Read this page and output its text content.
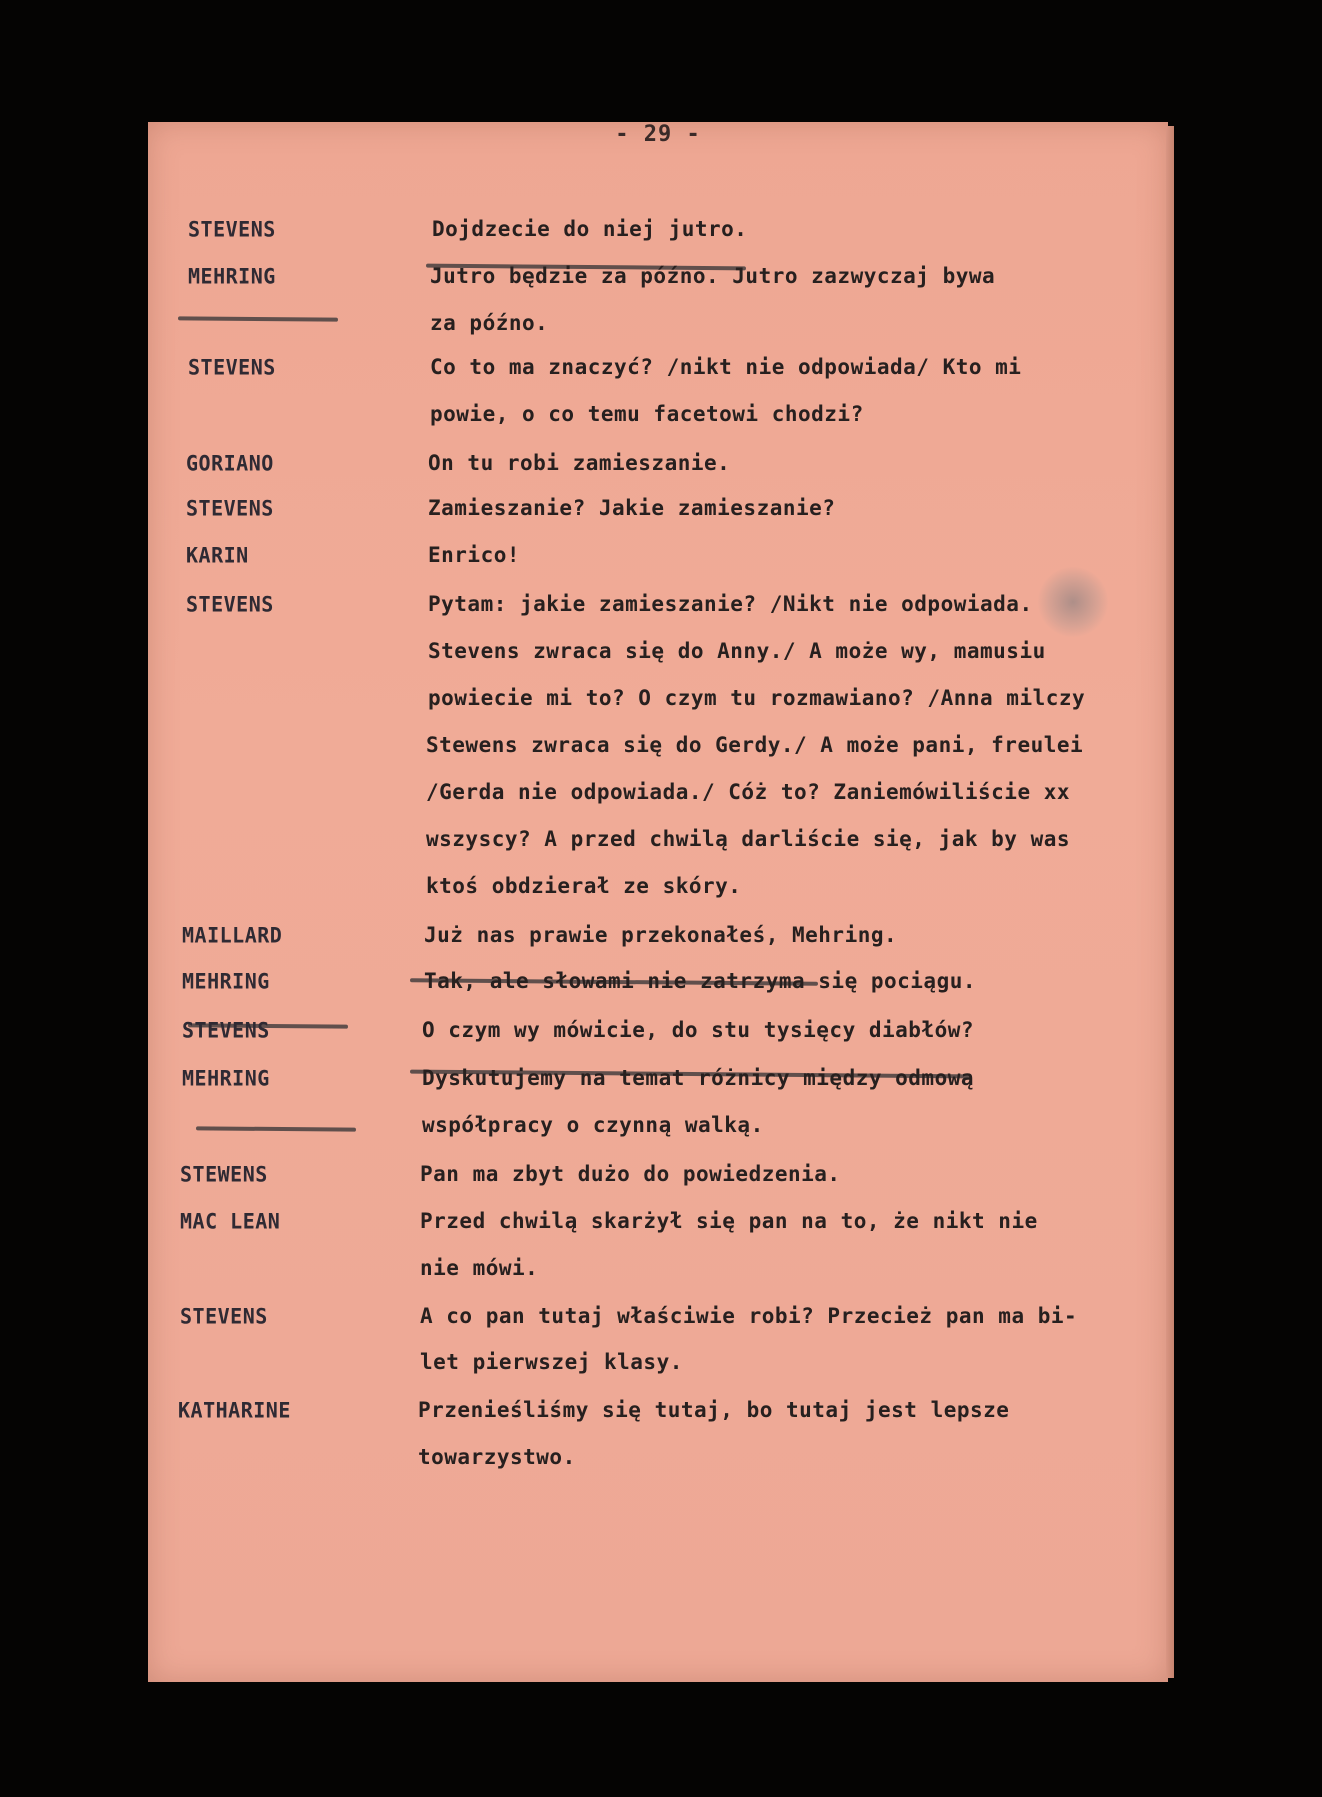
- 29 -
STEVENS	Dojdzecie do niej jutro.
MEHRING	Jutro będzie za późno. Jutro zazwyczaj bywa
za późno.
STEVENS	Co to ma znaczyć? /nikt nie odpowiada/ Kto mi
powie, o co temu facetowi chodzi?
GORIANO	On tu robi zamieszanie.
STEVENS	Zamieszanie? Jakie zamieszanie?
KARIN	Enrico!
STEVENS	Pytam: jakie zamieszanie? /Nikt nie odpowiada.
Stevens zwraca się do Anny./ A może wy, mamusiu
powiecie mi to? O czym tu rozmawiano? /Anna milczy
Stewens zwraca się do Gerdy./ A może pani, freulei
/Gerda nie odpowiada./ Cóż to? Zaniemówiliście xx
wszyscy? A przed chwilą darliście się, jak by was
ktoś obdzierał ze skóry.
MAILLARD	Już nas prawie przekonałeś, Mehring.
MEHRING	Tak, ale słowami nie zatrzyma się pociągu.
STEVENS	O czym wy mówicie, do stu tysięcy diabłów?
MEHRING	Dyskutujemy na temat różnicy między odmową
współpracy o czynną walką.
STEWENS	Pan ma zbyt dużo do powiedzenia.
MAC LEAN	Przed chwilą skarżył się pan na to, że nikt nie
nie mówi.
STEVENS	A co pan tutaj właściwie robi? Przecież pan ma bi-
let pierwszej klasy.
KATHARINE	Przenieśliśmy się tutaj, bo tutaj jest lepsze
towarzystwo.
